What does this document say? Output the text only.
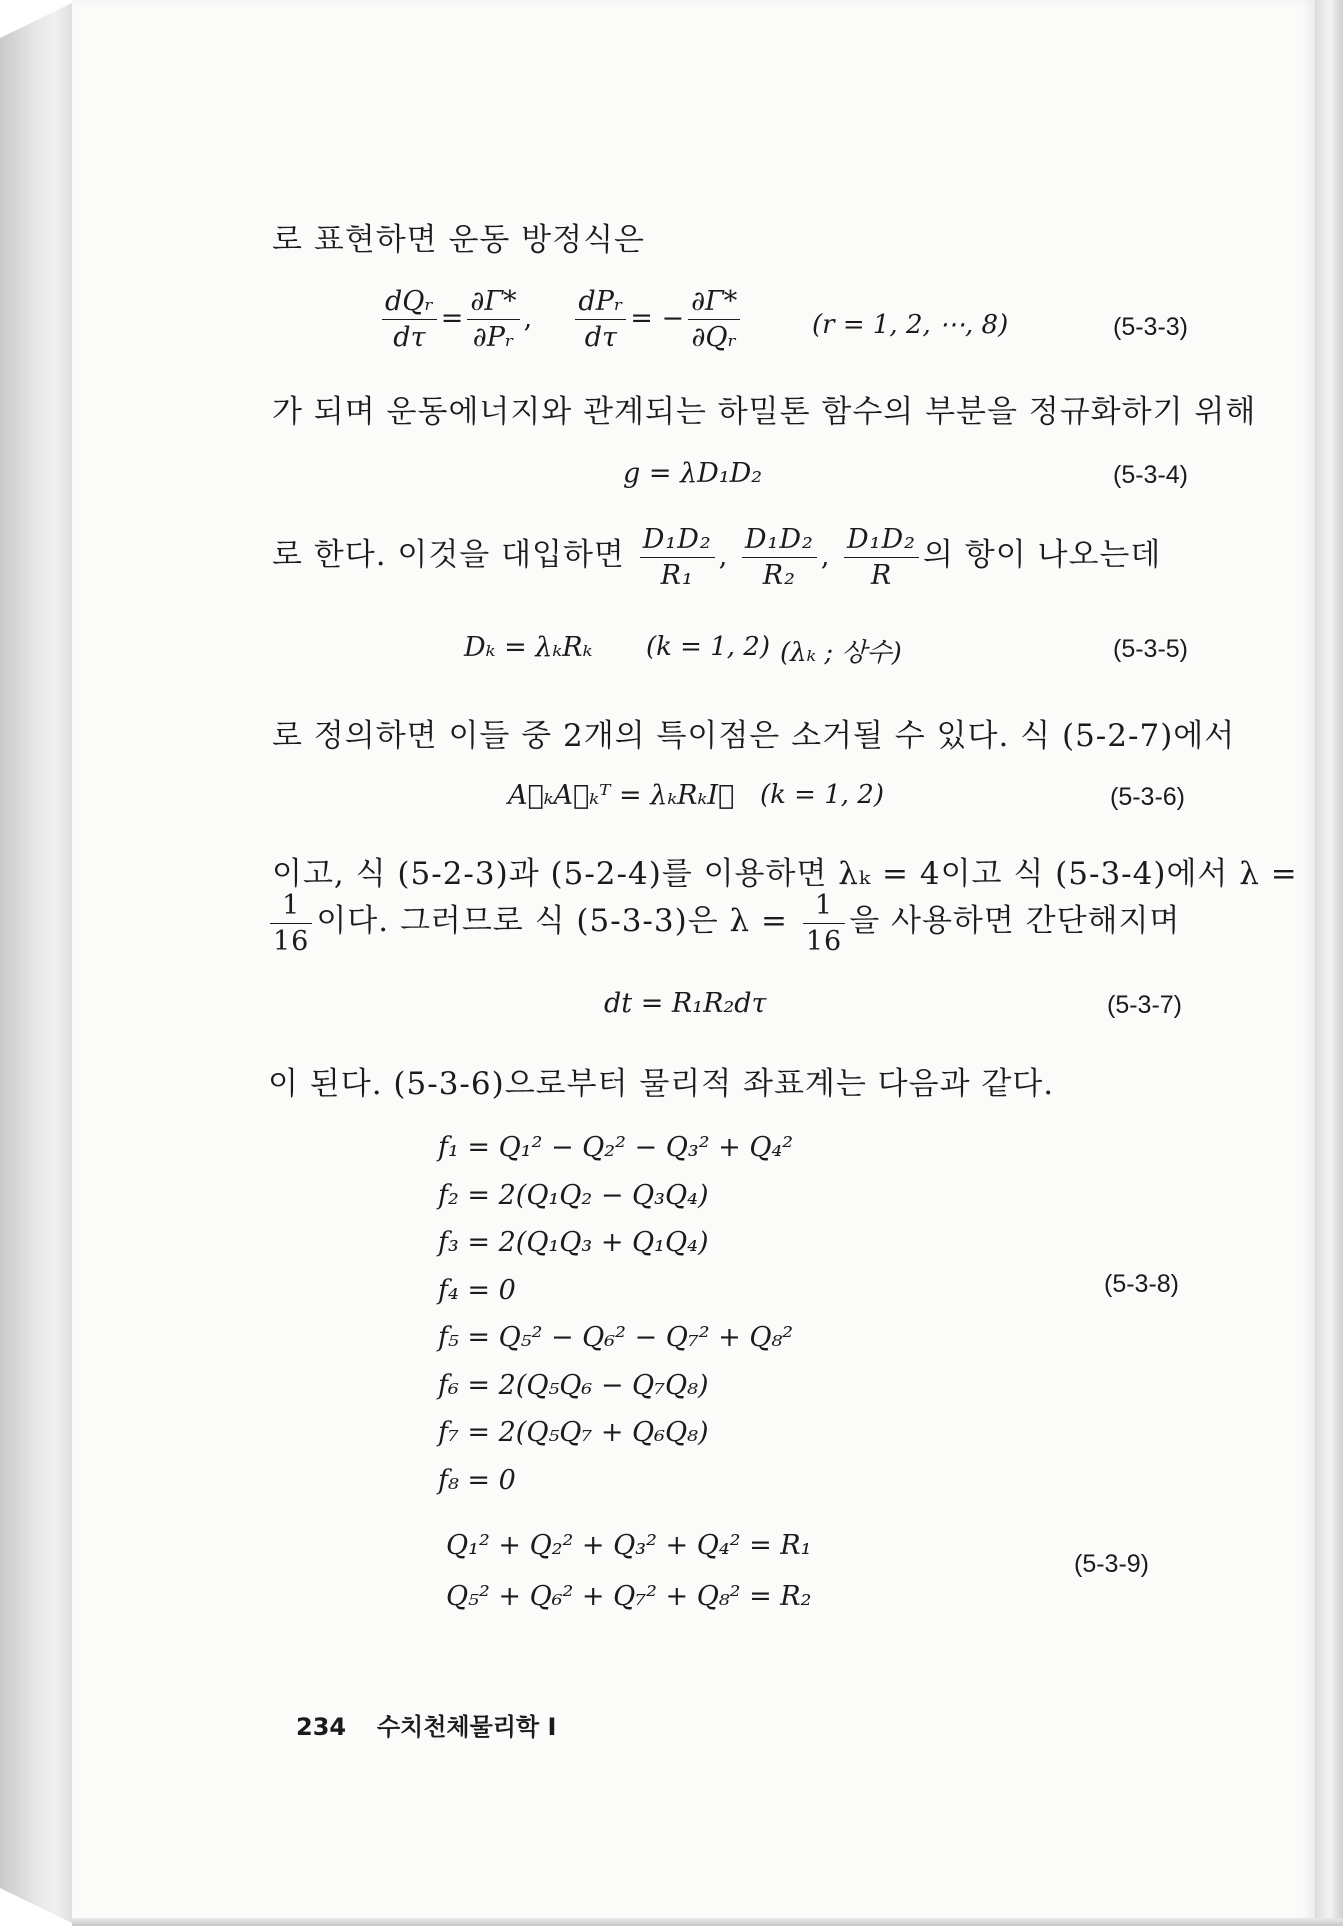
로 표현하면 운동 방정식은
$\frac{\text{dQᵣ}}{d\tau} = \frac{\partial\Gamma*}{\text{∂Pᵣ}}$ , $\frac{\text{dPᵣ}}{d\tau}$ = − $\frac{\partial\Gamma*}{\text{∂Qᵣ}}$	(r = 1, 2, ⋯, 8)	(5-3-3)
가 되며 운동에너지와 관계되는 하밀톤 함수의 부분을 정규화하기 위해
g = λD₁D₂	(5-3-4)
로 한다. 이것을 대입하면 $\frac{\text{D₁D₂}}{\text{R₁}}$ , $\frac{\text{D₁D₂}}{\text{R₂}}$ , $\frac{\text{D₁D₂}}{R}$ 의 항이 나오는데
Dₖ = λₖRₖ (k = 1, 2) (λₖ ; 상수)	(5-3-5)
로 정의하면 이들 중 2개의 특이점은 소거될 수 있다. 식 (5-2-7)에서
A⃖ₖA⃖ₖᵀ = λₖRₖI⃖ (k = 1, 2)	(5-3-6)
이고, 식 (5-2-3)과 (5-2-4)를 이용하면 λₖ = 4이고 식 (5-3-4)에서 λ =
$\frac{1}{16}$ 이다. 그러므로 식 (5-3-3)은 $\lambda = \frac{1}{16}$ 을 사용하면 간단해지며
dt = R₁R₂dτ	(5-3-7)
이 된다. (5-3-6)으로부터 물리적 좌표계는 다음과 같다.
f₁ = Q₁² − Q₂² − Q₃² + Q₄²
f₂ = 2(Q₁Q₂ − Q₃Q₄)
f₃ = 2(Q₁Q₃ + Q₁Q₄)
f₄ = 0
f₅ = Q₅² − Q₆² − Q₇² + Q₈²
f₆ = 2(Q₅Q₆ − Q₇Q₈)
f₇ = 2(Q₅Q₇ + Q₆Q₈)
f₈ = 0
(5-3-8)
Q₁² + Q₂² + Q₃² + Q₄² = R₁
Q₅² + Q₆² + Q₇² + Q₈² = R₂
(5-3-9)
234 수치천체물리학 Ⅰ
